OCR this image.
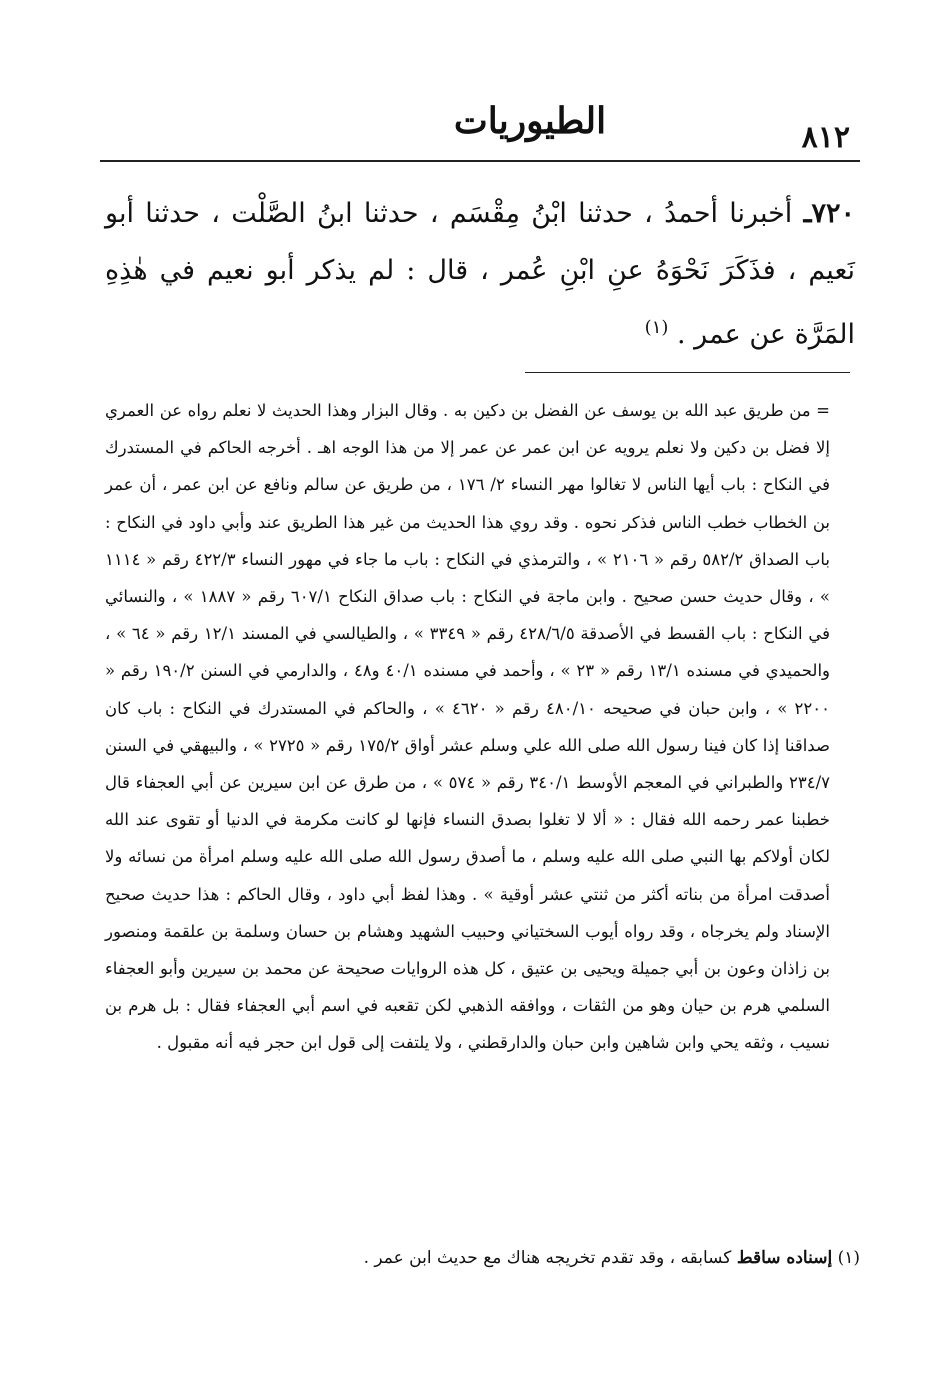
٨١٢
الطيوريات
٧٢٠ـ أخبرنا أحمدُ ، حدثنا ابْنُ مِقْسَم ، حدثنا ابنُ الصَّلْت ، حدثنا أبو نَعيم ، فذَكَرَ نَحْوَهُ عنِ ابْنِ عُمر ، قال : لم يذكر أبو نعيم في هٰذِهِ المَرَّة عن عمر . $^{(١)}$
= من طريق عبد الله بن يوسف عن الفضل بن دكين به . وقال البزار وهذا الحديث لا نعلم رواه عن العمري إلا فضل بن دكين ولا نعلم يرويه عن ابن عمر عن عمر إلا من هذا الوجه اهـ . أخرجه الحاكم في المستدرك في النكاح : باب أيها الناس لا تغالوا مهر النساء ٢/ ١٧٦ ، من طريق عن سالم ونافع عن ابن عمر ، أن عمر بن الخطاب خطب الناس فذكر نحوه . وقد روي هذا الحديث من غير هذا الطريق عند وأبي داود في النكاح : باب الصداق ٥٨٢/٢ رقم « ٢١٠٦ » ، والترمذي في النكاح : باب ما جاء في مهور النساء ٤٢٢/٣ رقم « ١١١٤ » ، وقال حديث حسن صحيح . وابن ماجة في النكاح : باب صداق النكاح ٦٠٧/١ رقم « ١٨٨٧ » ، والنسائي في النكاح : باب القسط في الأصدقة ٤٢٨/٦/٥ رقم « ٣٣٤٩ » ، والطيالسي في المسند ١٢/١ رقم « ٦٤ » ، والحميدي في مسنده ١٣/١ رقم « ٢٣ » ، وأحمد في مسنده ٤٠/١ و٤٨ ، والدارمي في السنن ١٩٠/٢ رقم « ٢٢٠٠ » ، وابن حبان في صحيحه ٤٨٠/١٠ رقم « ٤٦٢٠ » ، والحاكم في المستدرك في النكاح : باب كان صداقنا إذا كان فينا رسول الله صلى الله علي وسلم عشر أواق ١٧٥/٢ رقم « ٢٧٢٥ » ، والبيهقي في السنن ٢٣٤/٧ والطبراني في المعجم الأوسط ٣٤٠/١ رقم « ٥٧٤ » ، من طرق عن ابن سيرين عن أبي العجفاء قال خطبنا عمر رحمه الله فقال : « ألا لا تغلوا بصدق النساء فإنها لو كانت مكرمة في الدنيا أو تقوى عند الله لكان أولاكم بها النبي صلى الله عليه وسلم ، ما أصدق رسول الله صلى الله عليه وسلم امرأة من نسائه ولا أصدقت امرأة من بناته أكثر من ثنتي عشر أوقية » . وهذا لفظ أبي داود ، وقال الحاكم : هذا حديث صحيح الإسناد ولم يخرجاه ، وقد رواه أيوب السختياني وحبيب الشهيد وهشام بن حسان وسلمة بن علقمة ومنصور بن زاذان وعون بن أبي جميلة ويحيى بن عتيق ، كل هذه الروايات صحيحة عن محمد بن سيرين وأبو العجفاء السلمي هرم بن حيان وهو من الثقات ، ووافقه الذهبي لكن تقعبه في اسم أبي العجفاء فقال : بل هرم بن نسيب ، وثقه يحي وابن شاهين وابن حبان والدارقطني ، ولا يلتفت إلى قول ابن حجر فيه أنه مقبول .
(١) إسناده ساقط كسابقه ، وقد تقدم تخريجه هناك مع حديث ابن عمر .
